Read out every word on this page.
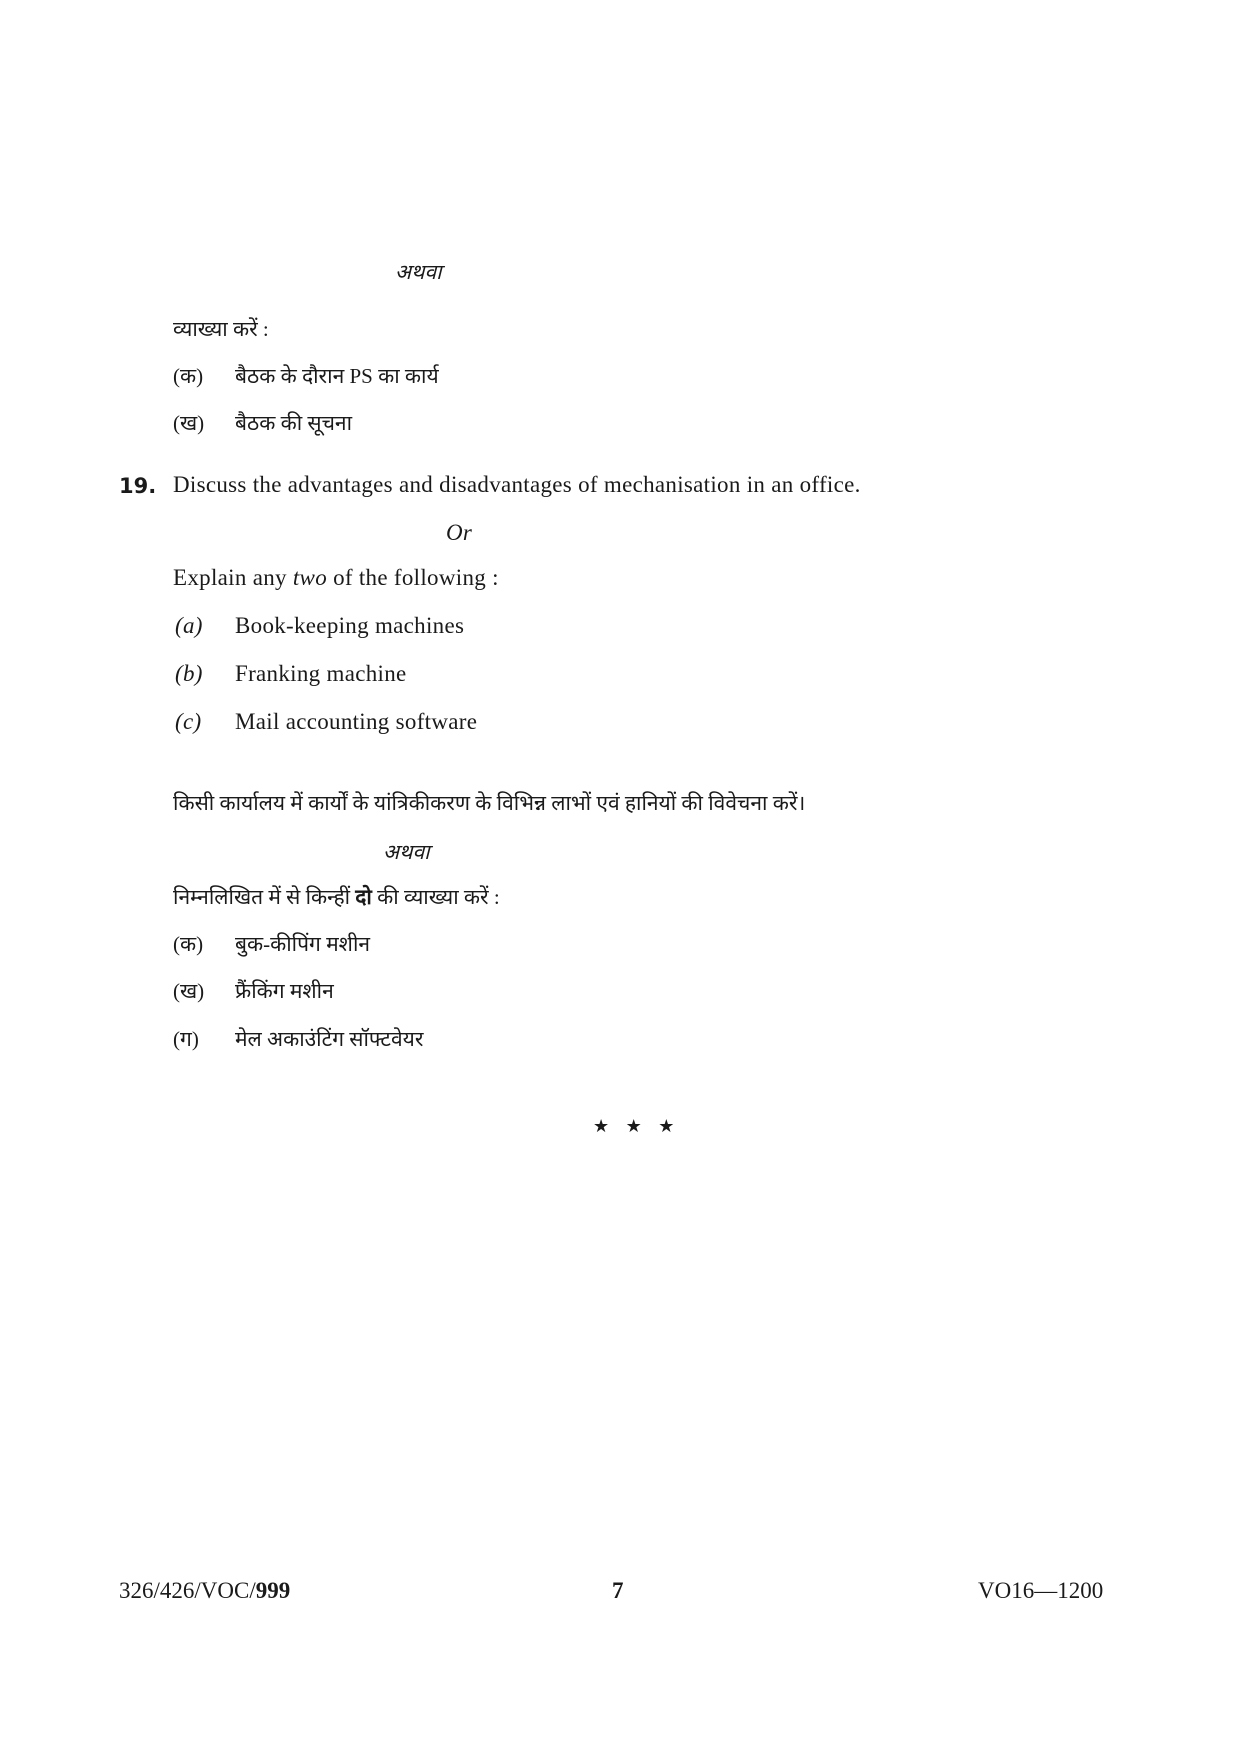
अथवा
व्याख्या करें :
(क) बैठक के दौरान PS का कार्य
(ख) बैठक की सूचना
19. Discuss the advantages and disadvantages of mechanisation in an office.
Or
Explain any two of the following :
(a) Book-keeping machines
(b) Franking machine
(c) Mail accounting software
किसी कार्यालय में कार्यों के यांत्रिकीकरण के विभिन्न लाभों एवं हानियों की विवेचना करें।
अथवा
निम्नलिखित में से किन्हीं दो की व्याख्या करें :
(क) बुक-कीपिंग मशीन
(ख) फ्रैंकिंग मशीन
(ग) मेल अकाउंटिंग सॉफ्टवेयर
★ ★ ★
326/426/VOC/999	7	VO16—1200
